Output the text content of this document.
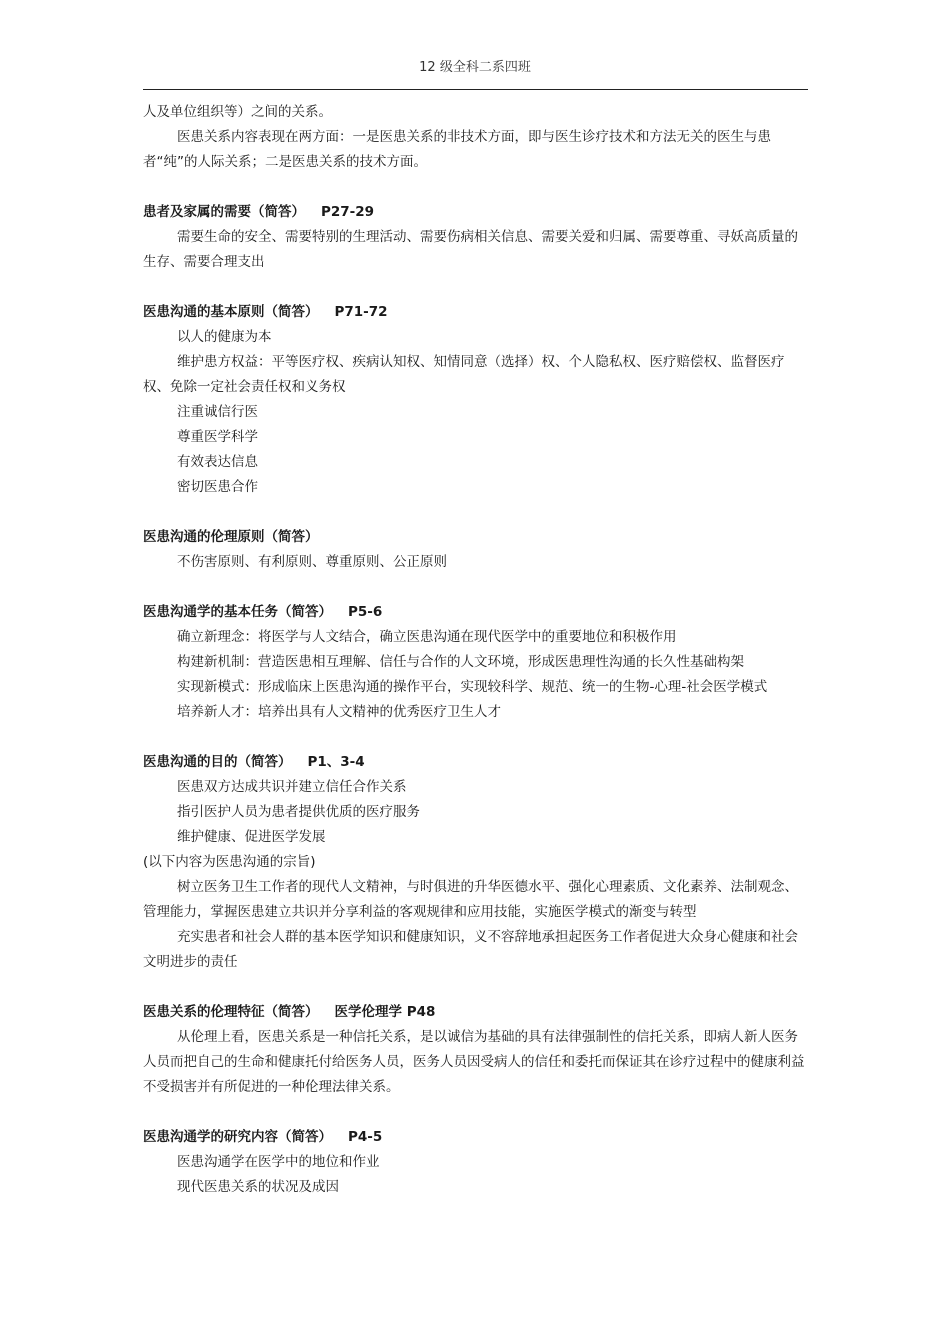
12 级全科二系四班

人及单位组织等）之间的关系。

医患关系内容表现在两方面：一是医患关系的非技术方面，即与医生诊疗技术和方法无关的医生与患者“纯”的人际关系；二是医患关系的技术方面。

患者及家属的需要（简答） P27-29

需要生命的安全、需要特别的生理活动、需要伤病相关信息、需要关爱和归属、需要尊重、寻妖高质量的生存、需要合理支出

医患沟通的基本原则（简答） P71-72

以人的健康为本

维护患方权益：平等医疗权、疾病认知权、知情同意（选择）权、个人隐私权、医疗赔偿权、监督医疗权、免除一定社会责任权和义务权

注重诚信行医

尊重医学科学

有效表达信息

密切医患合作

医患沟通的伦理原则（简答）

不伤害原则、有利原则、尊重原则、公正原则

医患沟通学的基本任务（简答） P5-6

确立新理念：将医学与人文结合，确立医患沟通在现代医学中的重要地位和积极作用

构建新机制：营造医患相互理解、信任与合作的人文环境，形成医患理性沟通的长久性基础构架

实现新模式：形成临床上医患沟通的操作平台，实现较科学、规范、统一的生物-心理-社会医学模式

培养新人才：培养出具有人文精神的优秀医疗卫生人才

医患沟通的目的（简答） P1、3-4

医患双方达成共识并建立信任合作关系

指引医护人员为患者提供优质的医疗服务

维护健康、促进医学发展

(以下内容为医患沟通的宗旨)

树立医务卫生工作者的现代人文精神，与时俱进的升华医德水平、强化心理素质、文化素养、法制观念、管理能力，掌握医患建立共识并分享利益的客观规律和应用技能，实施医学模式的渐变与转型

充实患者和社会人群的基本医学知识和健康知识，义不容辞地承担起医务工作者促进大众身心健康和社会文明进步的责任

医患关系的伦理特征（简答） 医学伦理学 P48

从伦理上看，医患关系是一种信托关系，是以诚信为基础的具有法律强制性的信托关系，即病人新人医务人员而把自己的生命和健康托付给医务人员，医务人员因受病人的信任和委托而保证其在诊疗过程中的健康利益不受损害并有所促进的一种伦理法律关系。

医患沟通学的研究内容（简答） P4-5

医患沟通学在医学中的地位和作业

现代医患关系的状况及成因
